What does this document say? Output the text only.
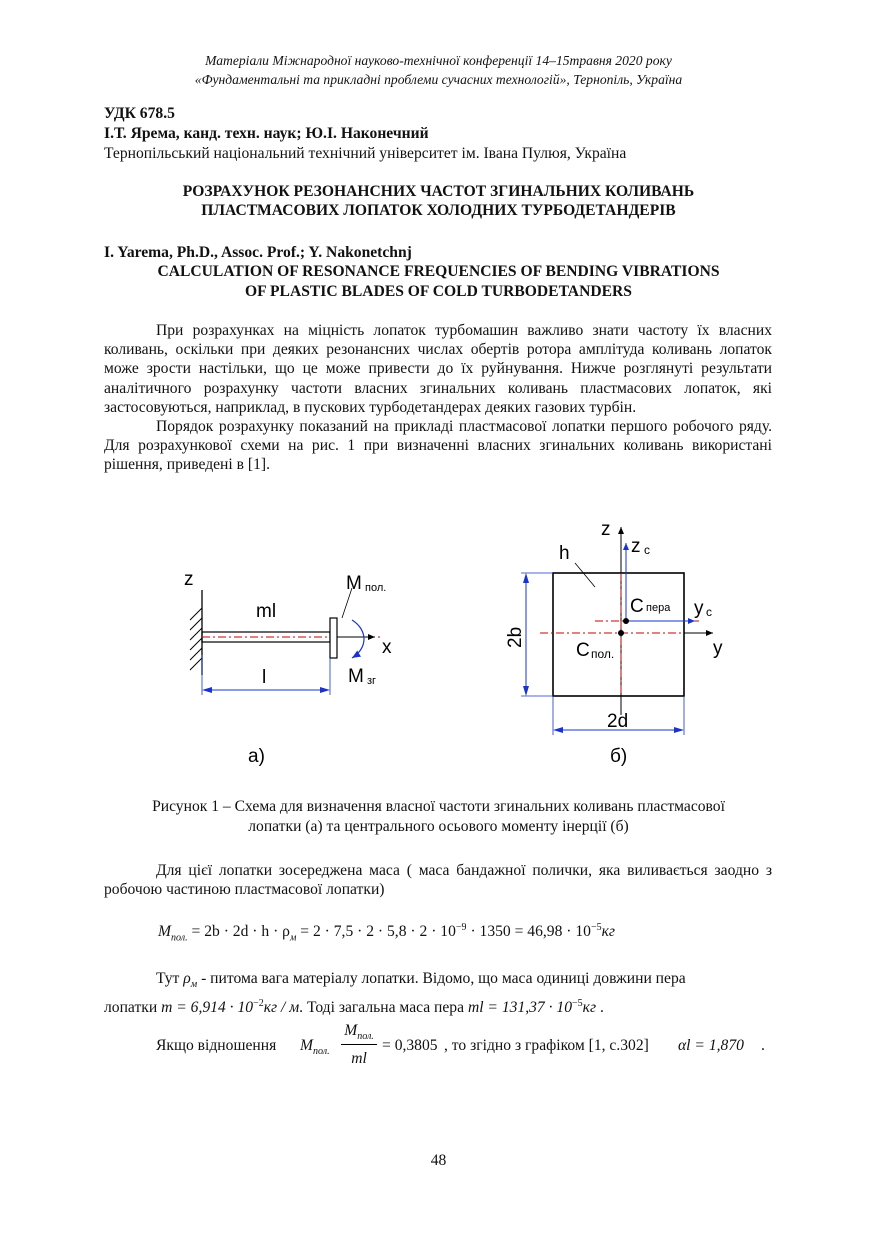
Матеріали Міжнародної науково-технічної конференції 14–15травня 2020 року
«Фундаментальні та прикладні проблеми сучасних технологій», Тернопіль, Україна
УДК 678.5
І.Т. Ярема, канд. техн. наук; Ю.І. Наконечний
Тернопільський національний технічний університет ім. Івана Пулюя, Україна
РОЗРАХУНОК РЕЗОНАНСНИХ ЧАСТОТ ЗГИНАЛЬНИХ КОЛИВАНЬ
ПЛАСТМАСОВИХ ЛОПАТОК ХОЛОДНИХ ТУРБОДЕТАНДЕРІВ
I. Yarema, Ph.D., Assoc. Prof.; Y. Nakonetchnj
CALCULATION OF RESONANCE FREQUENCIES OF BENDING VIBRATIONS
OF PLASTIC BLADES OF COLD TURBODETANDERS

При розрахунках на міцність лопаток турбомашин важливо знати частоту їх власних коливань, оскільки при деяких резонансних числах обертів ротора амплітуда коливань лопаток може зрости настільки, що це може привести до їх руйнування. Нижче розглянуті результати аналітичного розрахунку частоти власних згинальних коливань пластмасових лопаток, які застосовуються, наприклад, в пускових турбодетандерах деяких газових турбін.

Порядок розрахунку показаний на прикладі пластмасової лопатки першого робочого ряду. Для розрахункової схеми на рис. 1 при визначенні власних згинальних коливань використані рішення, приведені в [1].

z
ml
M пол.
x
l	M зг
а)
z
z c
h
C пера y c
y
C пол.
2b
2d
б)
Рисунок 1 – Схема для визначення власної частоти згинальних коливань пластмасової
лопатки (а) та центрального осьового моменту інерції (б)

Для цієї лопатки зосереджена маса ( маса бандажної полички, яка виливається заодно з робочою частиною пластмасової лопатки)

$M_{пол.} = 2b \cdot 2d \cdot h \cdot \rho_м = 2 \cdot 7,5 \cdot 2 \cdot 5,8 \cdot 2 \cdot 10^{-9} \cdot 1350 = 46,98 \cdot 10^{-5}кг$
Тут $\rho_м$ - питома вага матеріалу лопатки. Відомо, що маса одиниці довжини пера
лопатки $m = 6,914 \cdot 10^{-2}кг / м$. Тоді загальна маса пера ml = $131,37 \cdot 10^{-5}кг$ .
Якщо відношення $M_{пол.}$
$M_{пол.}$
ml
= 0,3805 , то згідно з графіком [1, с.302] αl = 1,870 .
48
